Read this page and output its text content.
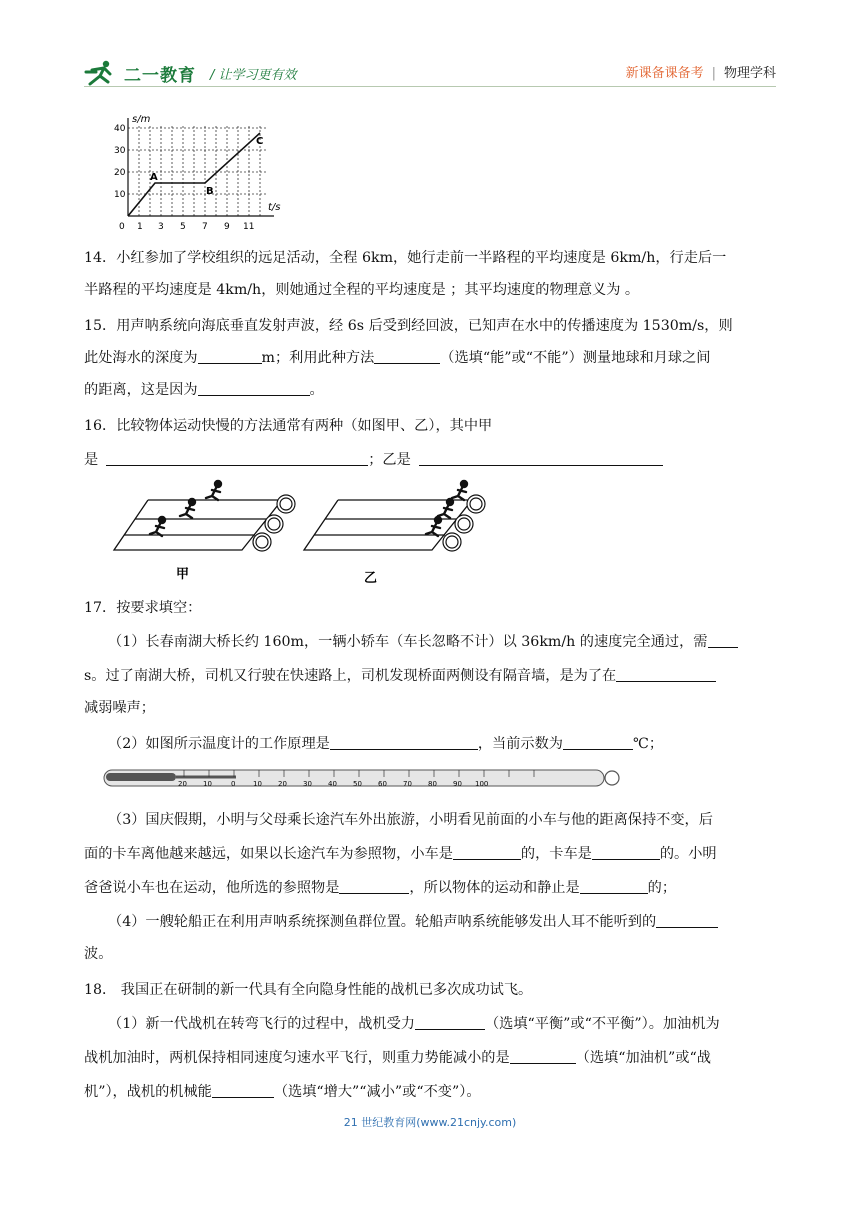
二一教育 / 让学习更有效	新课备课备考 | 物理学科
s/m
t/s
40
30
20
10
0 1 3 5 7 9 11
A
B
C
14．小红参加了学校组织的远足活动，全程 6km，她行走前一半路程的平均速度是 6km/h，行走后一
半路程的平均速度是 4km/h，则她通过全程的平均速度是 ；其平均速度的物理意义为 。
15．用声呐系统向海底垂直发射声波，经 6s 后受到经回波，已知声在水中的传播速度为 1530m/s，则
此处海水的深度为	m；利用此种方法	（选填“能”或“不能”）测量地球和月球之间
的距离，这是因为	。
16．比较物体运动快慢的方法通常有两种（如图甲、乙），其中甲
是	；乙是
甲	乙
17．按要求填空：
（1）长春南湖大桥长约 160m，一辆小轿车（车长忽略不计）以 36km/h 的速度完全通过，需
s。过了南湖大桥，司机又行驶在快速路上，司机发现桥面两侧设有隔音墙，是为了在
减弱噪声；
（2）如图所示温度计的工作原理是	，当前示数为	℃；
20 10	0	10 20 30 40 50 60 70 80 90 100
（3）国庆假期，小明与父母乘长途汽车外出旅游，小明看见前面的小车与他的距离保持不变，后
面的卡车离他越来越远，如果以长途汽车为参照物，小车是	的，卡车是	的。小明
爸爸说小车也在运动，他所选的参照物是	，所以物体的运动和静止是	的；
（4）一艘轮船正在利用声呐系统探测鱼群位置。轮船声呐系统能够发出人耳不能听到的
波。
18． 我国正在研制的新一代具有全向隐身性能的战机已多次成功试飞。
（1）新一代战机在转弯飞行的过程中，战机受力	（选填“平衡”或“不平衡”）。加油机为
战机加油时，两机保持相同速度匀速水平飞行，则重力势能减小的是	（选填“加油机”或“战
机”），战机的机械能	（选填“增大”“减小”或“不变”）。
21 世纪教育网(www.21cnjy.com)
